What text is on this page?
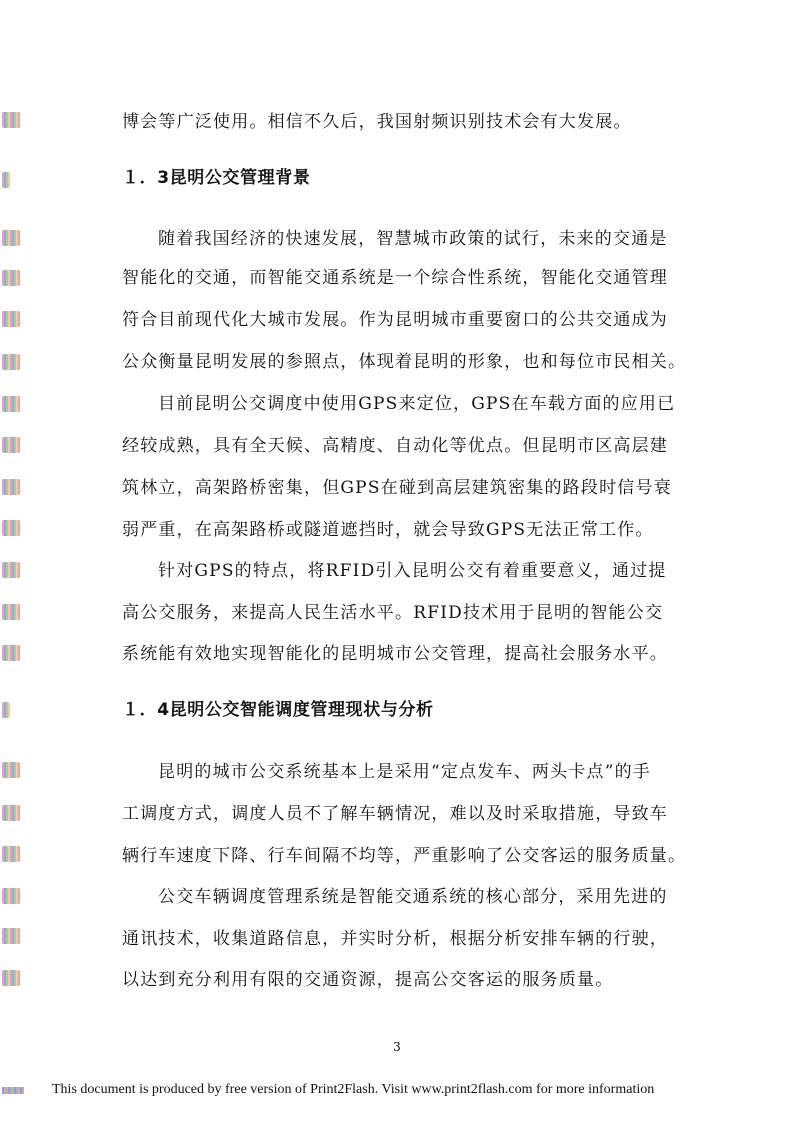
博会等广泛使用。相信不久后，我国射频识别技术会有大发展。
１．3昆明公交管理背景
随着我国经济的快速发展，智慧城市政策的试行，未来的交通是
智能化的交通，而智能交通系统是一个综合性系统，智能化交通管理
符合目前现代化大城市发展。作为昆明城市重要窗口的公共交通成为
公众衡量昆明发展的参照点，体现着昆明的形象，也和每位市民相关。
目前昆明公交调度中使用GPS来定位，GPS在车载方面的应用已
经较成熟，具有全天候、高精度、自动化等优点。但昆明市区高层建
筑林立，高架路桥密集，但GPS在碰到高层建筑密集的路段时信号衰
弱严重，在高架路桥或隧道遮挡时，就会导致GPS无法正常工作。
针对GPS的特点，将RFID引入昆明公交有着重要意义，通过提
高公交服务，来提高人民生活水平。RFID技术用于昆明的智能公交
系统能有效地实现智能化的昆明城市公交管理，提高社会服务水平。
１．4昆明公交智能调度管理现状与分析
昆明的城市公交系统基本上是采用“定点发车、两头卡点”的手
工调度方式，调度人员不了解车辆情况，难以及时采取措施，导致车
辆行车速度下降、行车间隔不均等，严重影响了公交客运的服务质量。
公交车辆调度管理系统是智能交通系统的核心部分，采用先进的
通讯技术，收集道路信息，并实时分析，根据分析安排车辆的行驶，
以达到充分利用有限的交通资源，提高公交客运的服务质量。
3
This document is produced by free version of Print2Flash. Visit www.print2flash.com for more information
